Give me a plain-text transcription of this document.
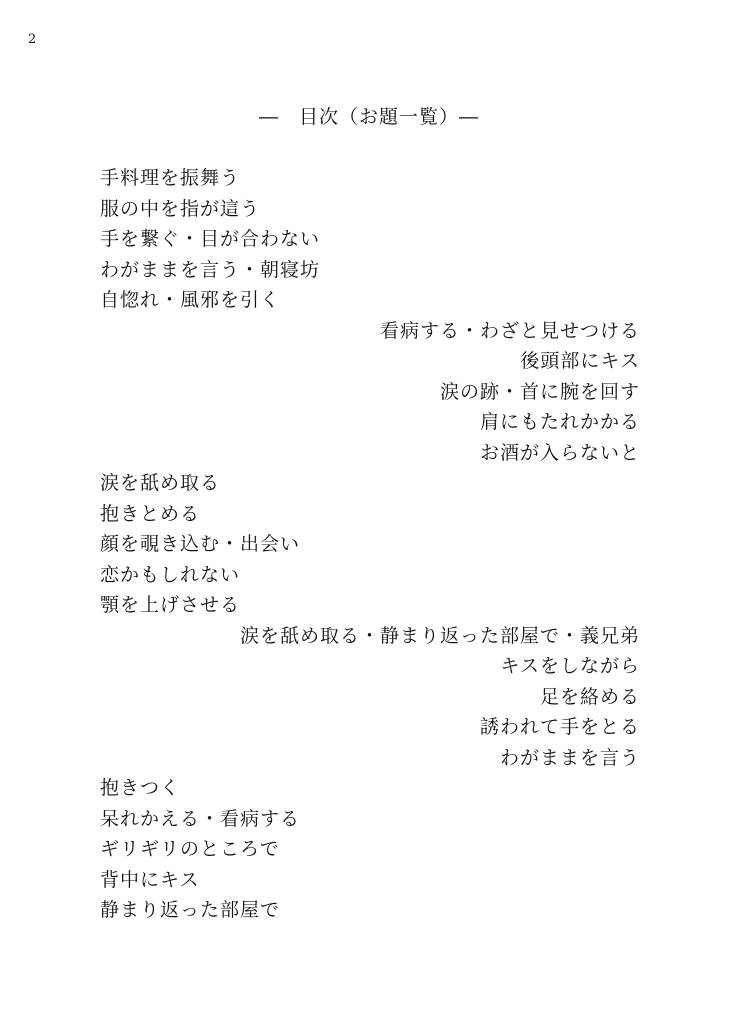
2
―　目次（お題一覧）―
手料理を振舞う
服の中を指が這う
手を繋ぐ・目が合わない
わがままを言う・朝寝坊
自惚れ・風邪を引く
看病する・わざと見せつける
後頭部にキス
涙の跡・首に腕を回す
肩にもたれかかる
お酒が入らないと
涙を舐め取る
抱きとめる
顔を覗き込む・出会い
恋かもしれない
顎を上げさせる
涙を舐め取る・静まり返った部屋で・義兄弟
キスをしながら
足を絡める
誘われて手をとる
わがままを言う
抱きつく
呆れかえる・看病する
ギリギリのところで
背中にキス
静まり返った部屋で
